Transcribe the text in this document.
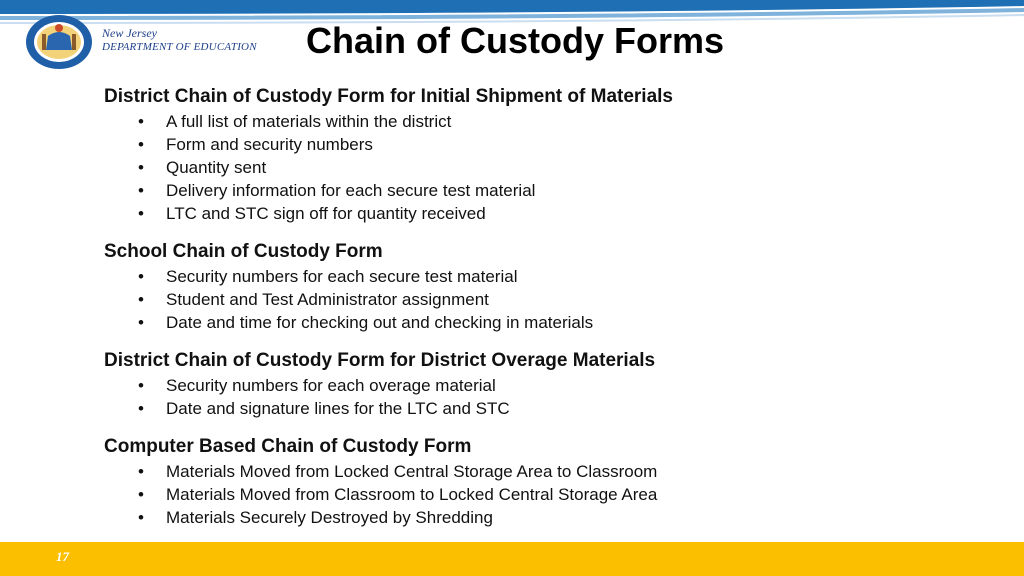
New Jersey
DEPARTMENT OF EDUCATION Chain of Custody Forms
District Chain of Custody Form for Initial Shipment of Materials
• A full list of materials within the district
• Form and security numbers
• Quantity sent
• Delivery information for each secure test material
• LTC and STC sign off for quantity received
School Chain of Custody Form
• Security numbers for each secure test material
• Student and Test Administrator assignment
• Date and time for checking out and checking in materials
District Chain of Custody Form for District Overage Materials
• Security numbers for each overage material
• Date and signature lines for the LTC and STC
Computer Based Chain of Custody Form
• Materials Moved from Locked Central Storage Area to Classroom
• Materials Moved from Classroom to Locked Central Storage Area
• Materials Securely Destroyed by Shredding
17
